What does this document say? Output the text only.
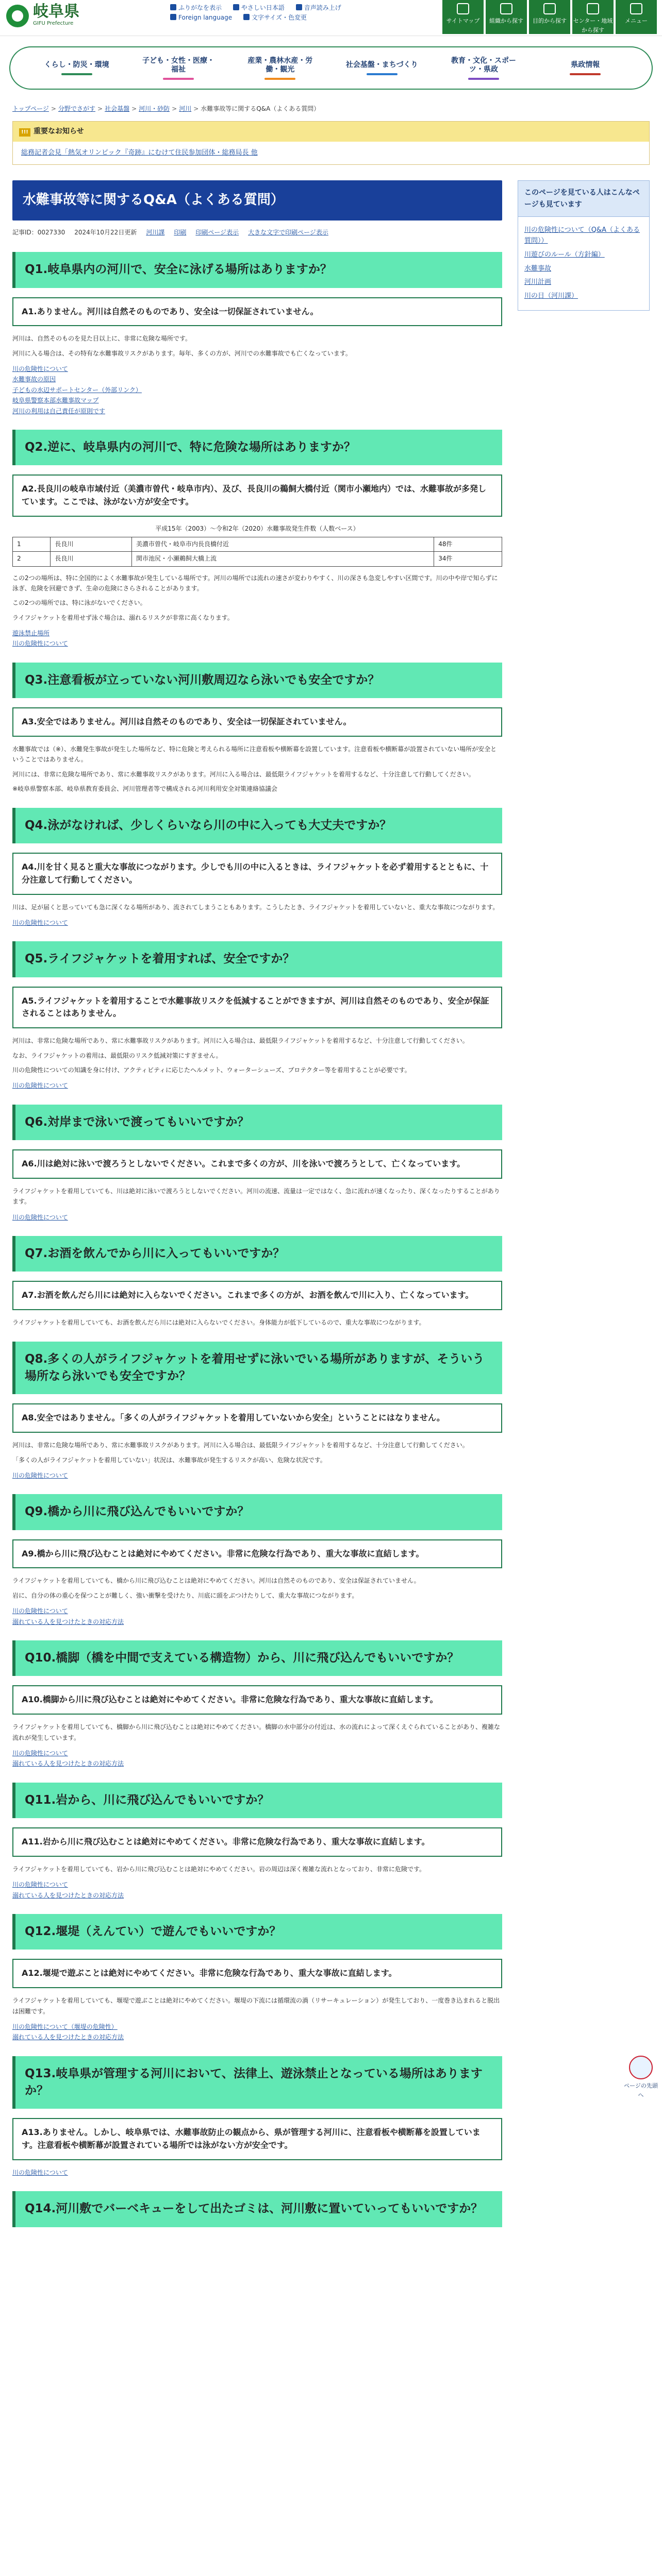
岐阜県
GIFU Prefecture
ふりがなを表示	やさしい日本語	音声読み上げ
Foreign language	文字サイズ・色変更	サイトマップ	組織から探す	目的から探す	センター・地域から探す
メニュー
くらし・防災・環境
子ども・女性・医療・福祉
産業・農林水産・労働・観光
社会基盤・まちづくり
教育・文化・スポーツ・県政
県政情報
トップページ > 分野でさがす > 社会基盤 > 河川・砂防 > 河川 > 水難事故等に関するQ&A（よくある質問）
!!! 重要なお知らせ
総務記者会見「熱気オリンピック『奇跡』にむけて住民参加団体・総務局長 他
水難事故等に関するQ&A（よくある質問）
記事ID：0027330 2024年10月22日更新 河川課 印刷 印刷ページ表示 大きな文字で印刷ページ表示
Q1.岐阜県内の河川で、安全に泳げる場所はありますか？
A1.ありません。河川は自然そのものであり、安全は一切保証されていません。

河川は、自然そのものを見た目以上に、非常に危険な場所です。

河川に入る場合は、その特有な水難事故リスクがあります。毎年、多くの方が、河川での水難事故でも亡くなっています。

川の危険性について
水難事故の原因
子どもの水辺サポートセンター（外部リンク）
岐阜県警察本部水難事故マップ
河川の利用は自己責任が原則です
Q2.逆に、岐阜県内の河川で、特に危険な場所はありますか？
A2.長良川の岐阜市域付近（美濃市曽代・岐阜市内）、及び、長良川の鵜飼大橋付近（関市小瀬地内）では、水難事故が多発しています。ここでは、泳がない方が安全です。
平成15年（2003）〜令和2年（2020）水難事故発生件数（人数ベース）
1	長良川	美濃市曽代・岐阜市内長良橋付近	48件
2	長良川	関市池尻・小瀬鵜飼大橋上流	34件

この2つの場所は、特に全国的によく水難事故が発生している場所です。河川の場所では流れの速さが変わりやすく、川の深さも急変しやすい区間です。川の中や岸で知らずに泳ぎ、危険を回避できず、生命の危険にさらされることがあります。

この2つの場所では、特に泳がないでください。

ライフジャケットを着用せず泳ぐ場合は、溺れるリスクが非常に高くなります。

遊泳禁止場所
川の危険性について
Q3.注意看板が立っていない河川敷周辺なら泳いでも安全ですか？
A3.安全ではありません。河川は自然そのものであり、安全は一切保証されていません。

水難事故では（※）、水難発生事故が発生した場所など、特に危険と考えられる場所に注意看板や横断幕を設置しています。注意看板や横断幕が設置されていない場所が安全ということではありません。

河川には、非常に危険な場所であり、常に水難事故リスクがあります。河川に入る場合は、最低限ライフジャケットを着用するなど、十分注意して行動してください。

※岐阜県警察本部、岐阜県教育委員会、河川管理者等で構成される河川利用安全対策連絡協議会

Q4.泳がなければ、少しくらいなら川の中に入っても大丈夫ですか？
A4.川を甘く見ると重大な事故につながります。少しでも川の中に入るときは、ライフジャケットを必ず着用するとともに、十分注意して行動してください。

川は、足が届くと思っていても急に深くなる場所があり、流されてしまうこともあります。こうしたとき、ライフジャケットを着用していないと、重大な事故につながります。

川の危険性について
Q5.ライフジャケットを着用すれば、安全ですか？
A5.ライフジャケットを着用することで水難事故リスクを低減することができますが、河川は自然そのものであり、安全が保証されることはありません。

河川は、非常に危険な場所であり、常に水難事故リスクがあります。河川に入る場合は、最低限ライフジャケットを着用するなど、十分注意して行動してください。

なお、ライフジャケットの着用は、最低限のリスク低減対策にすぎません。

川の危険性についての知識を身に付け、アクティビティに応じたヘルメット、ウォーターシューズ、プロテクター等を着用することが必要です。

川の危険性について
Q6.対岸まで泳いで渡ってもいいですか？
A6.川は絶対に泳いで渡ろうとしないでください。これまで多くの方が、川を泳いで渡ろうとして、亡くなっています。

ライフジャケットを着用していても、川は絶対に泳いで渡ろうとしないでください。河川の流速、流量は一定ではなく、急に流れが速くなったり、深くなったりすることがあります。

川の危険性について
Q7.お酒を飲んでから川に入ってもいいですか？
A7.お酒を飲んだら川には絶対に入らないでください。これまで多くの方が、お酒を飲んで川に入り、亡くなっています。

ライフジャケットを着用していても、お酒を飲んだら川には絶対に入らないでください。身体能力が低下しているので、重大な事故につながります。

Q8.多くの人がライフジャケットを着用せずに泳いでいる場所がありますが、そういう場所なら泳いでも安全ですか？
A8.安全ではありません。「多くの人がライフジャケットを着用していないから安全」ということにはなりません。

河川は、非常に危険な場所であり、常に水難事故リスクがあります。河川に入る場合は、最低限ライフジャケットを着用するなど、十分注意して行動してください。

「多くの人がライフジャケットを着用していない」状況は、水難事故が発生するリスクが高い、危険な状況です。

川の危険性について
Q9.橋から川に飛び込んでもいいですか？
A9.橋から川に飛び込むことは絶対にやめてください。非常に危険な行為であり、重大な事故に直結します。

ライフジャケットを着用していても、橋から川に飛び込むことは絶対にやめてください。河川は自然そのものであり、安全は保証されていません。

岩に、自分の体の重心を保つことが難しく、強い衝撃を受けたり、川底に頭をぶつけたりして、重大な事故につながります。

川の危険性について
溺れている人を見つけたときの対応方法
Q10.橋脚（橋を中間で支えている構造物）から、川に飛び込んでもいいですか？
A10.橋脚から川に飛び込むことは絶対にやめてください。非常に危険な行為であり、重大な事故に直結します。

ライフジャケットを着用していても、橋脚から川に飛び込むことは絶対にやめてください。橋脚の水中部分の付近は、水の流れによって深くえぐられていることがあり、複雑な流れが発生しています。

川の危険性について
溺れている人を見つけたときの対応方法
Q11.岩から、川に飛び込んでもいいですか？
A11.岩から川に飛び込むことは絶対にやめてください。非常に危険な行為であり、重大な事故に直結します。

ライフジャケットを着用していても、岩から川に飛び込むことは絶対にやめてください。岩の周辺は深く複雑な流れとなっており、非常に危険です。

川の危険性について
溺れている人を見つけたときの対応方法
Q12.堰堤（えんてい）で遊んでもいいですか？
A12.堰堤で遊ぶことは絶対にやめてください。非常に危険な行為であり、重大な事故に直結します。

ライフジャケットを着用していても、堰堤で遊ぶことは絶対にやめてください。堰堤の下流には循環流の渦（リサーキュレーション）が発生しており、一度巻き込まれると脱出は困難です。

川の危険性について（堰堤の危険性）
溺れている人を見つけたときの対応方法
Q13.岐阜県が管理する河川において、法律上、遊泳禁止となっている場所はありますか？
A13.ありません。しかし、岐阜県では、水難事故防止の観点から、県が管理する河川に、注意看板や横断幕を設置しています。注意看板や横断幕が設置されている場所では泳がない方が安全です。
川の危険性について
Q14.河川敷でバーベキューをして出たゴミは、河川敷に置いていってもいいですか？
このページを見ている人はこんなページも見ています
川の危険性について（Q&A（よくある質問））
川遊びのルール（方針編）
水難事故
河川計画
川の日（河川課）
ページの先頭へ
